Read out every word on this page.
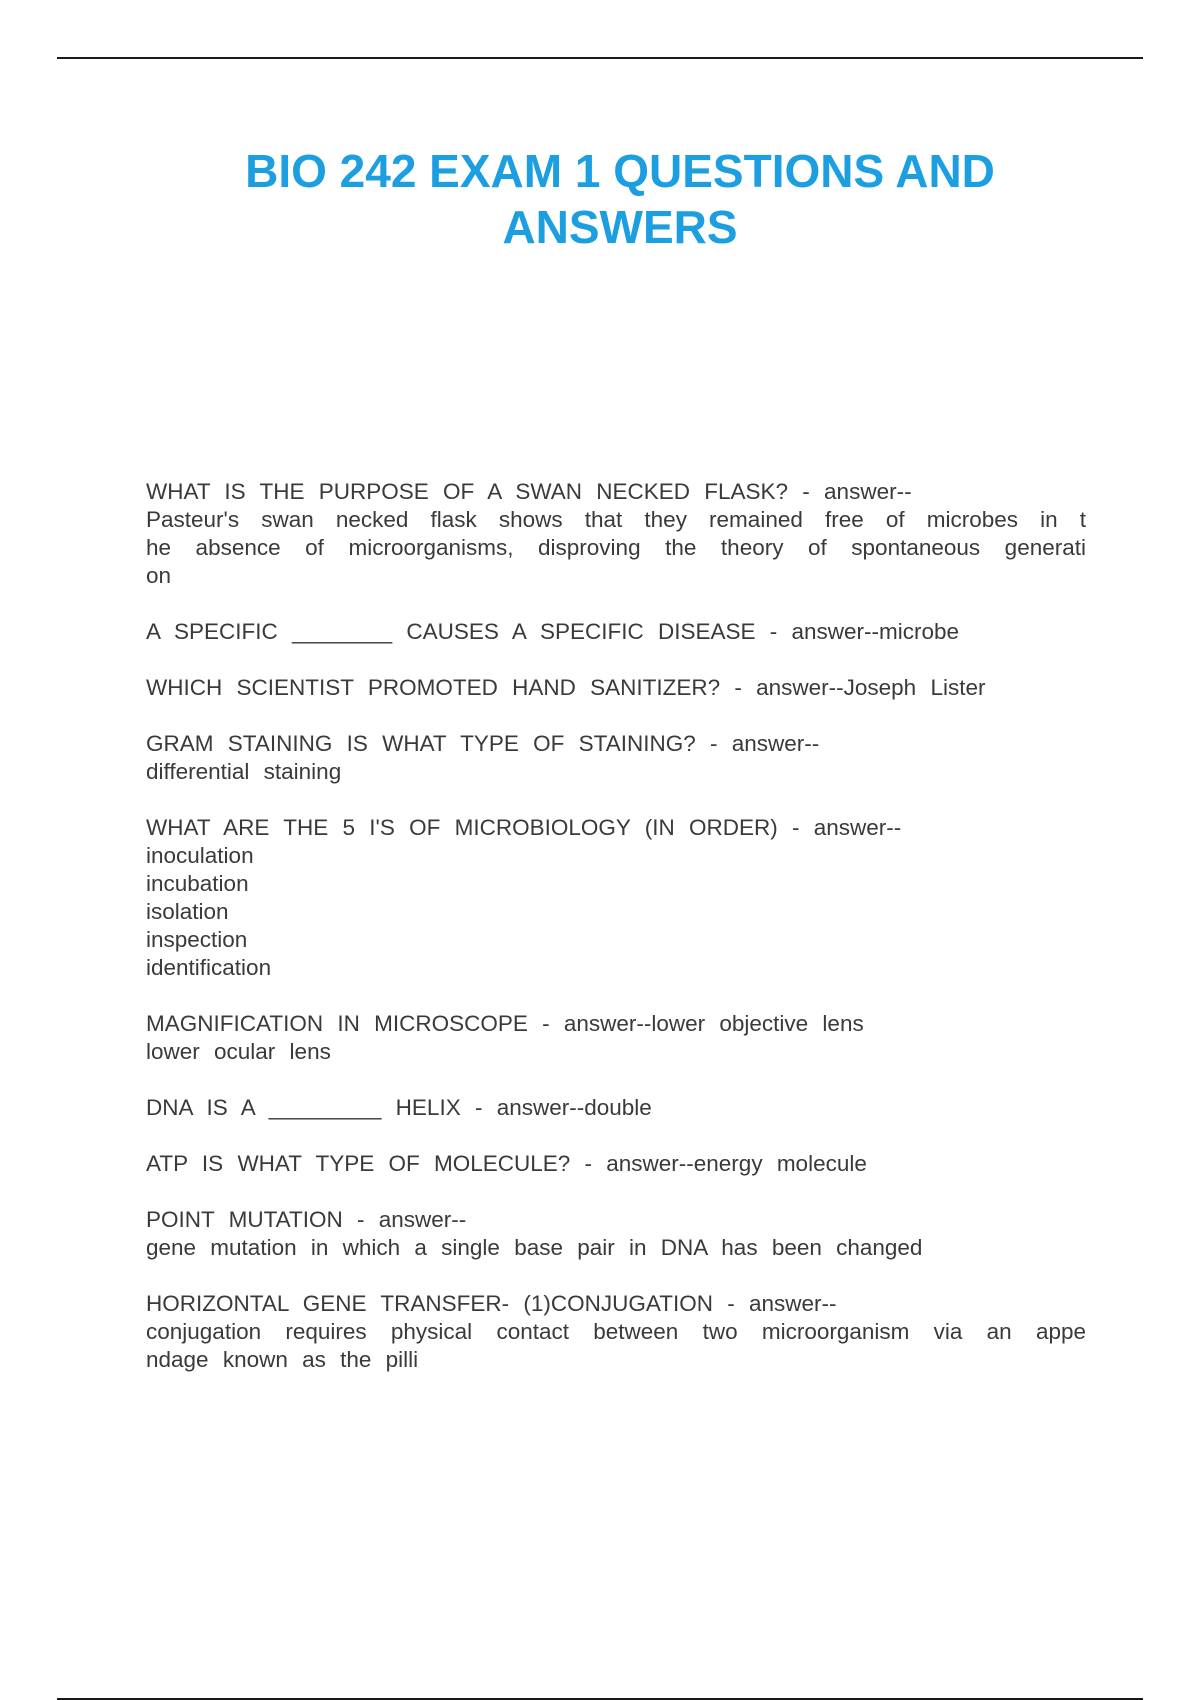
BIO 242 EXAM 1 QUESTIONS AND
ANSWERS
WHAT IS THE PURPOSE OF A SWAN NECKED FLASK? - answer--
Pasteur's swan necked flask shows that they remained free of microbes in t
he absence of microorganisms, disproving the theory of spontaneous generati
on
A SPECIFIC ________ CAUSES A SPECIFIC DISEASE - answer--microbe
WHICH SCIENTIST PROMOTED HAND SANITIZER? - answer--Joseph Lister
GRAM STAINING IS WHAT TYPE OF STAINING? - answer--
differential staining
WHAT ARE THE 5 I'S OF MICROBIOLOGY (IN ORDER) - answer--
inoculation
incubation
isolation
inspection
identification
MAGNIFICATION IN MICROSCOPE - answer--lower objective lens
lower ocular lens
DNA IS A _________ HELIX - answer--double
ATP IS WHAT TYPE OF MOLECULE? - answer--energy molecule
POINT MUTATION - answer--
gene mutation in which a single base pair in DNA has been changed
HORIZONTAL GENE TRANSFER- (1)CONJUGATION - answer--
conjugation requires physical contact between two microorganism via an appe
ndage known as the pilli
